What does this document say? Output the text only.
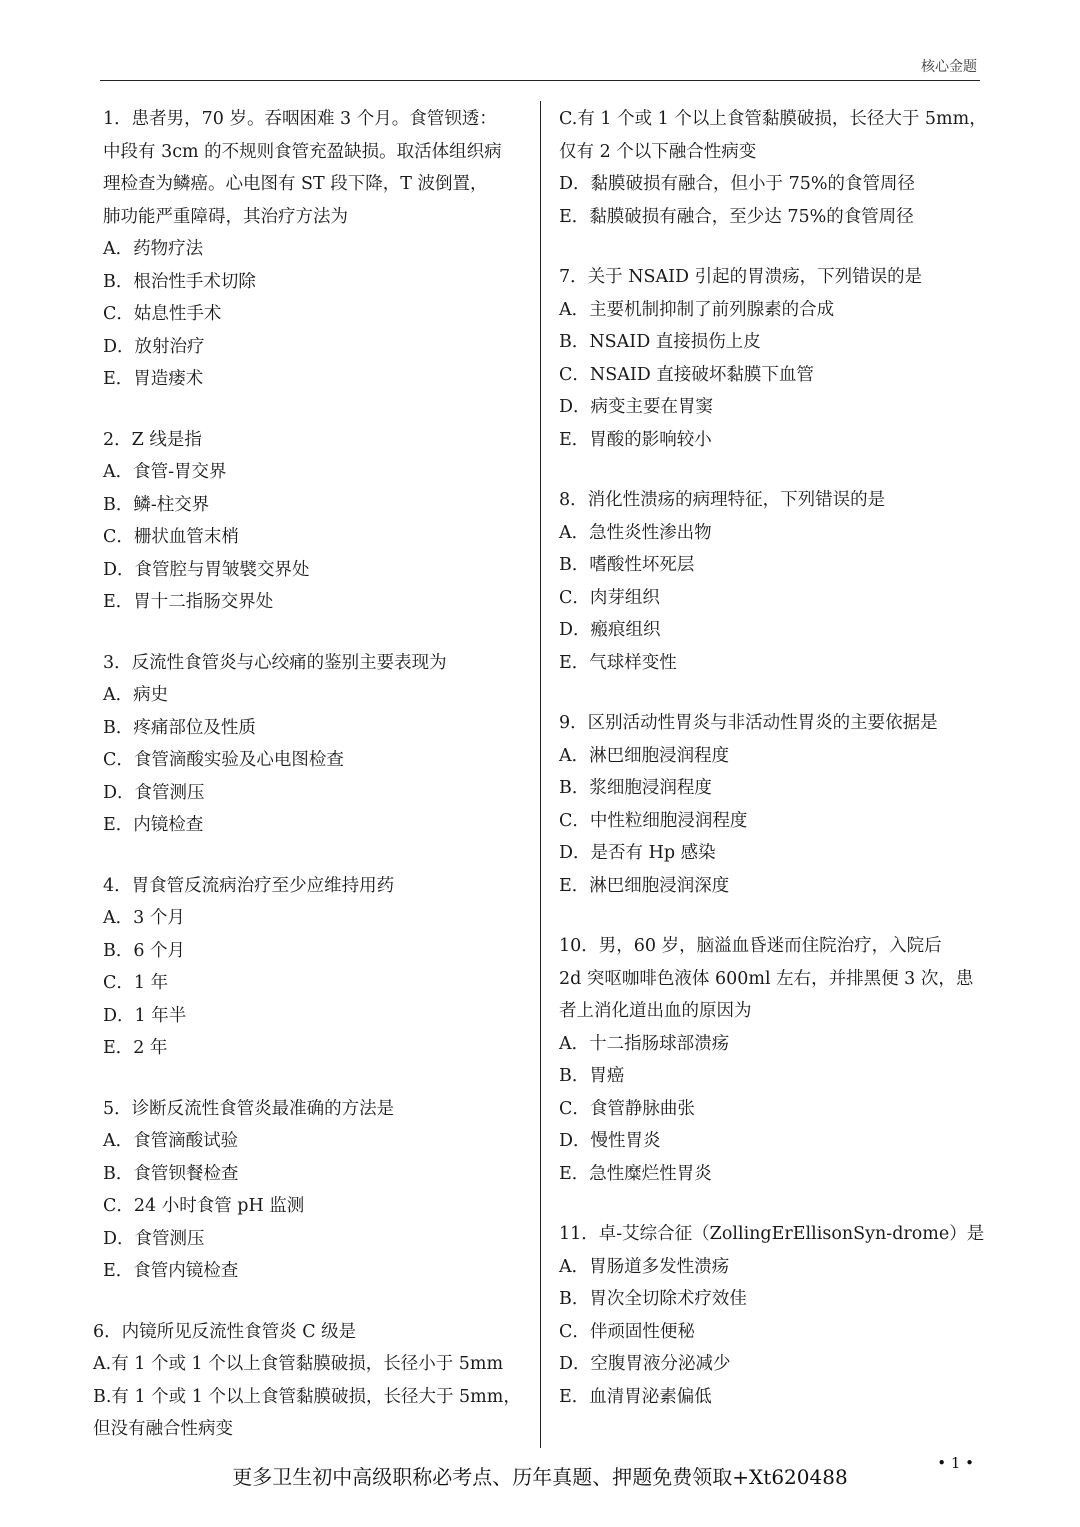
核心金题
1．患者男，70 岁。吞咽困难 3 个月。食管钡透：
中段有 3cm 的不规则食管充盈缺损。取活体组织病
理检查为鳞癌。心电图有 ST 段下降，T 波倒置，
肺功能严重障碍，其治疗方法为
A．药物疗法
B．根治性手术切除
C．姑息性手术
D．放射治疗
E．胃造瘘术
2．Z 线是指
A．食管-胃交界
B．鳞-柱交界
C．栅状血管末梢
D．食管腔与胃皱襞交界处
E．胃十二指肠交界处
3．反流性食管炎与心绞痛的鉴别主要表现为
A．病史
B．疼痛部位及性质
C．食管滴酸实验及心电图检查
D．食管测压
E．内镜检查
4．胃食管反流病治疗至少应维持用药
A．3 个月
B．6 个月
C．1 年
D．1 年半
E．2 年
5．诊断反流性食管炎最准确的方法是
A．食管滴酸试验
B．食管钡餐检查
C．24 小时食管 pH 监测
D．食管测压
E．食管内镜检查
6．内镜所见反流性食管炎 C 级是
A.有 1 个或 1 个以上食管黏膜破损，长径小于 5mm
B.有 1 个或 1 个以上食管黏膜破损，长径大于 5mm，
但没有融合性病变
C.有 1 个或 1 个以上食管黏膜破损，长径大于 5mm，
仅有 2 个以下融合性病变
D．黏膜破损有融合，但小于 75%的食管周径
E．黏膜破损有融合，至少达 75%的食管周径
7．关于 NSAID 引起的胃溃疡，下列错误的是
A．主要机制抑制了前列腺素的合成
B．NSAID 直接损伤上皮
C．NSAID 直接破坏黏膜下血管
D．病变主要在胃窦
E．胃酸的影响较小
8．消化性溃疡的病理特征，下列错误的是
A．急性炎性渗出物
B．嗜酸性坏死层
C．肉芽组织
D．瘢痕组织
E．气球样变性
9．区别活动性胃炎与非活动性胃炎的主要依据是
A．淋巴细胞浸润程度
B．浆细胞浸润程度
C．中性粒细胞浸润程度
D．是否有 Hp 感染
E．淋巴细胞浸润深度
10．男，60 岁，脑溢血昏迷而住院治疗，入院后
2d 突呕咖啡色液体 600ml 左右，并排黑便 3 次，患
者上消化道出血的原因为
A．十二指肠球部溃疡
B．胃癌
C．食管静脉曲张
D．慢性胃炎
E．急性糜烂性胃炎
11．卓-艾综合征（ZollingErEllisonSyn-drome）是
A．胃肠道多发性溃疡
B．胃次全切除术疗效佳
C．伴顽固性便秘
D．空腹胃液分泌减少
E．血清胃泌素偏低
更多卫生初中高级职称必考点、历年真题、押题免费领取+Xt620488
• 1 •
